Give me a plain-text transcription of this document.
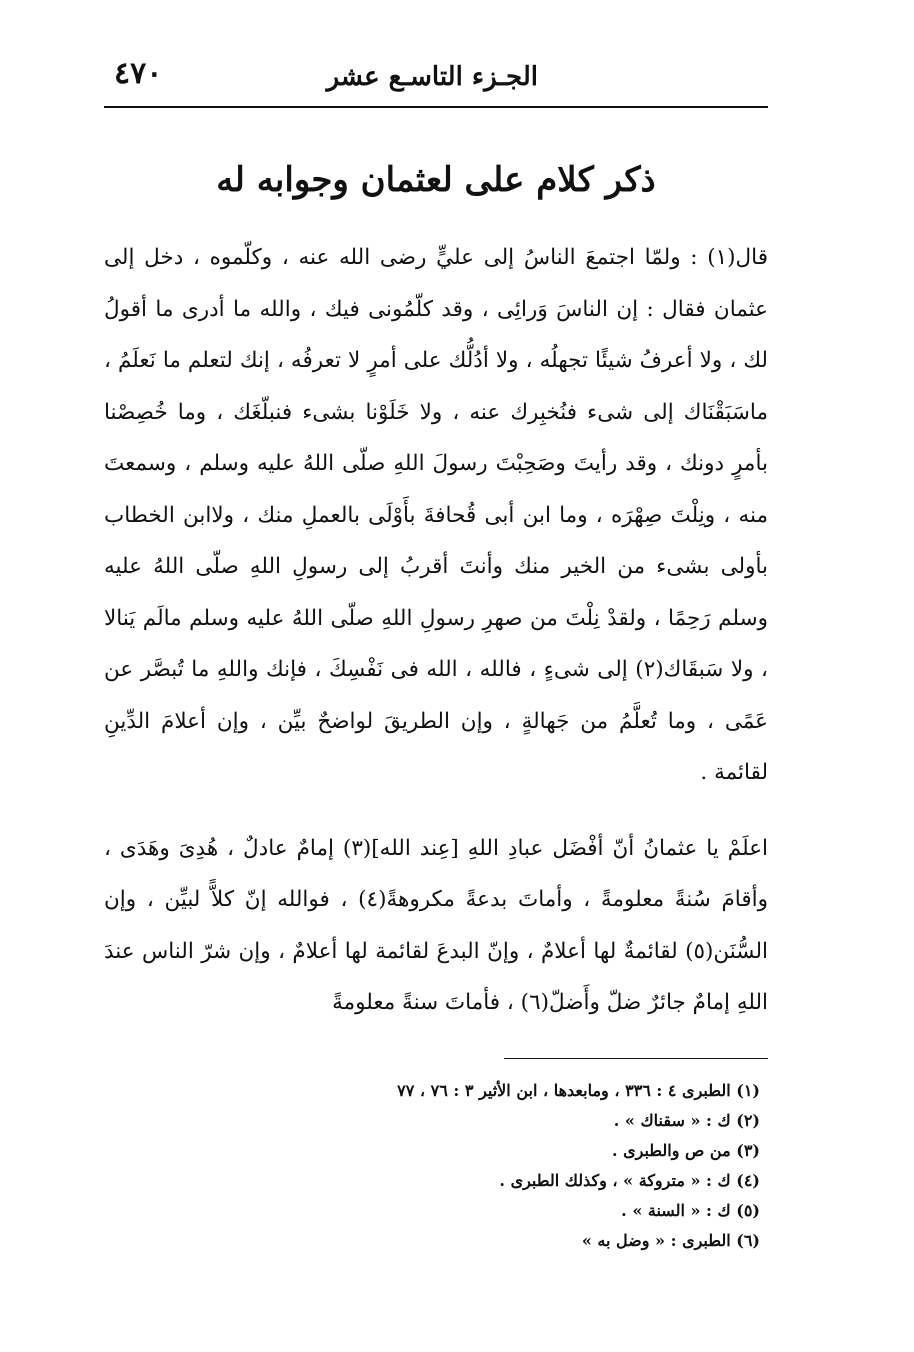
الجـزء التاسـع عشر
٤٧٠
ذكر كلام على لعثمان وجوابه له

قال(١) : ولمّا اجتمعَ الناسُ إلى عليٍّ رضى الله عنه ، وكلّموه ، دخل إلى عثمان فقال : إن الناسَ وَرائِى ، وقد كلّمُونى فيك ، والله ما أدرى ما أقولُ لك ، ولا أعرفُ شيئًا تجهلُه ، ولا أدُلُّك على أمرٍ لا تعرفُه ، إنك لتعلم ما نَعلَمُ ، ماسَبَقْنَاك إلى شىء فنُخبِرك عنه ، ولا خَلَوْنا بشىء فنبلّغَك ، وما خُصِصْنا بأمرٍ دونك ، وقد رأيتَ وصَحِبْتَ رسولَ اللهِ صلّى اللهُ عليه وسلم ، وسمعتَ منه ، ونِلْتَ صِهْرَه ، وما ابن أبى قُحافةَ بأَوْلَى بالعملِ منك ، ولاابن الخطاب بأولى بشىء من الخير منك وأنتَ أقربُ إلى رسولِ اللهِ صلّى اللهُ عليه وسلم رَحِمًا ، ولقدْ نِلْتَ من صهرِ رسولِ اللهِ صلّى اللهُ عليه وسلم مالَم يَنالا ، ولا سَبقَاك(٢) إلى شىءٍ ، فالله ، الله فى نَفْسِكَ ، فإنك واللهِ ما تُبصَّر عن عَمًى ، وما تُعلَّمُ من جَهالةٍ ، وإن الطريقَ لواضحٌ بيِّن ، وإن أعلامَ الدِّينِ لقائمة .

اعلَمْ يا عثمانُ أنّ أفْضَل عبادِ اللهِ [عِند الله](٣) إمامٌ عادلٌ ، هُدِىَ وهَدَى ، وأقامَ سُنةً معلومةً ، وأماتَ بدعةً مكروهةً(٤) ، فوالله إنّ كلاًّ لبيِّن ، وإن السُّنَن(٥) لقائمةٌ لها أعلامٌ ، وإنّ البدعَ لقائمة لها أعلامٌ ، وإن شرّ الناس عندَ اللهِ إمامٌ جائرٌ ضلّ وأَضلّ(٦) ، فأماتَ سنةً معلومةً

(١) الطبرى ٤ : ٣٣٦ ، ومابعدها ، ابن الأثير ٣ : ٧٦ ، ٧٧
(٢) ك : « سقناك » .
(٣) من ص والطبرى .
(٤) ك : « متروكة » ، وكذلك الطبرى .
(٥) ك : « السنة » .
(٦) الطبرى : « وضل به »
